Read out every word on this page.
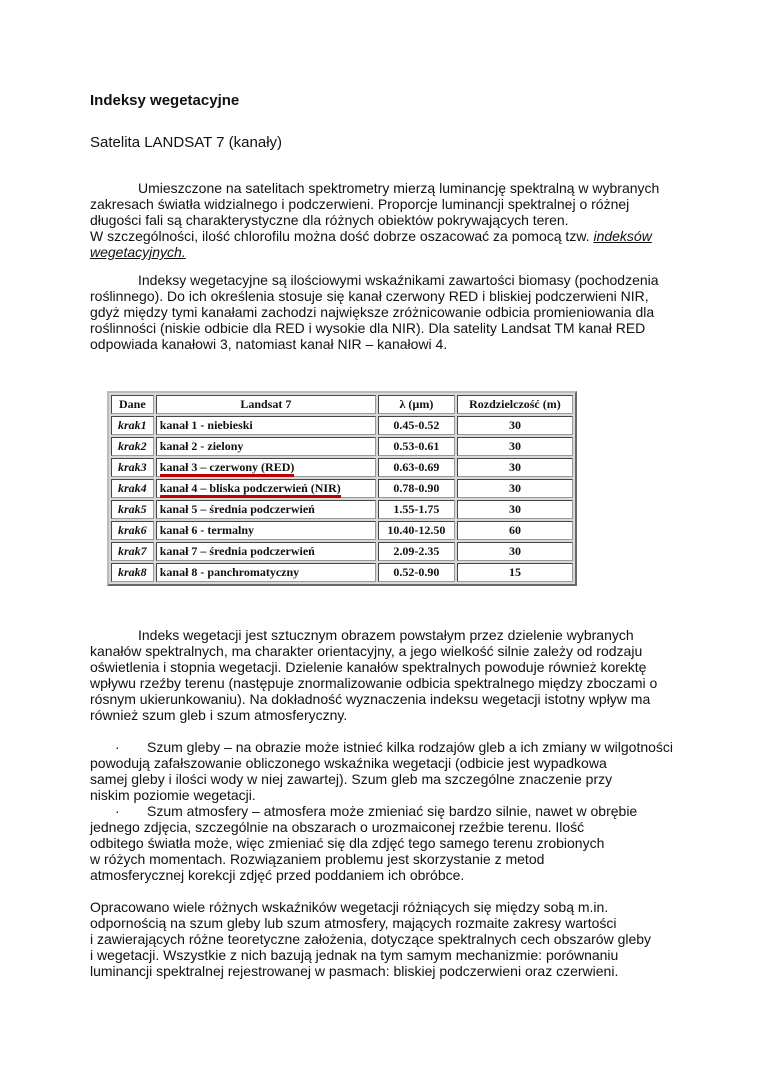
Indeksy wegetacyjne
Satelita LANDSAT 7 (kanały)
Umieszczone na satelitach spektrometry mierzą luminancję spektralną w wybranych
zakresach światła widzialnego i podczerwieni. Proporcje luminancji spektralnej o różnej
długości fali są charakterystyczne dla różnych obiektów pokrywających teren.
W szczególności, ilość chlorofilu można dość dobrze oszacować za pomocą tzw. indeksów
wegetacyjnych.
Indeksy wegetacyjne są ilościowymi wskaźnikami zawartości biomasy (pochodzenia
roślinnego). Do ich określenia stosuje się kanał czerwony RED i bliskiej podczerwieni NIR,
gdyż między tymi kanałami zachodzi największe zróżnicowanie odbicia promieniowania dla
roślinności (niskie odbicie dla RED i wysokie dla NIR). Dla satelity Landsat TM kanał RED
odpowiada kanałowi 3, natomiast kanał NIR – kanałowi 4.
Dane	Landsat 7	λ (µm)	Rozdzielczość (m)
krak1	kanał 1 - niebieski	0.45-0.52	30
krak2	kanał 2 - zielony	0.53-0.61	30
krak3	kanał 3 – czerwony (RED)	0.63-0.69	30
krak4	kanał 4 – bliska podczerwień (NIR)	0.78-0.90	30
krak5	kanał 5 – średnia podczerwień	1.55-1.75	30
krak6	kanał 6 - termalny	10.40-12.50	60
krak7	kanał 7 – średnia podczerwień	2.09-2.35	30
krak8	kanał 8 - panchromatyczny	0.52-0.90	15
Indeks wegetacji jest sztucznym obrazem powstałym przez dzielenie wybranych
kanałów spektralnych, ma charakter orientacyjny, a jego wielkość silnie zależy od rodzaju
oświetlenia i stopnia wegetacji. Dzielenie kanałów spektralnych powoduje również korektę
wpływu rzeźby terenu (następuje znormalizowanie odbicia spektralnego między zboczami o
rósnym ukierunkowaniu). Na dokładność wyznaczenia indeksu wegetacji istotny wpływ ma
również szum gleb i szum atmosferyczny.
· Szum gleby – na obrazie może istnieć kilka rodzajów gleb a ich zmiany w wilgotności
powodują zafałszowanie obliczonego wskaźnika wegetacji (odbicie jest wypadkowa
samej gleby i ilości wody w niej zawartej). Szum gleb ma szczególne znaczenie przy
niskim poziomie wegetacji.
· Szum atmosfery – atmosfera może zmieniać się bardzo silnie, nawet w obrębie
jednego zdjęcia, szczególnie na obszarach o urozmaiconej rzeźbie terenu. Ilość
odbitego światła może, więc zmieniać się dla zdjęć tego samego terenu zrobionych
w różych momentach. Rozwiązaniem problemu jest skorzystanie z metod
atmosferycznej korekcji zdjęć przed poddaniem ich obróbce.
Opracowano wiele różnych wskaźników wegetacji różniących się między sobą m.in.
odpornością na szum gleby lub szum atmosfery, mających rozmaite zakresy wartości
i zawierających różne teoretyczne założenia, dotyczące spektralnych cech obszarów gleby
i wegetacji. Wszystkie z nich bazują jednak na tym samym mechanizmie: porównaniu
luminancji spektralnej rejestrowanej w pasmach: bliskiej podczerwieni oraz czerwieni.
